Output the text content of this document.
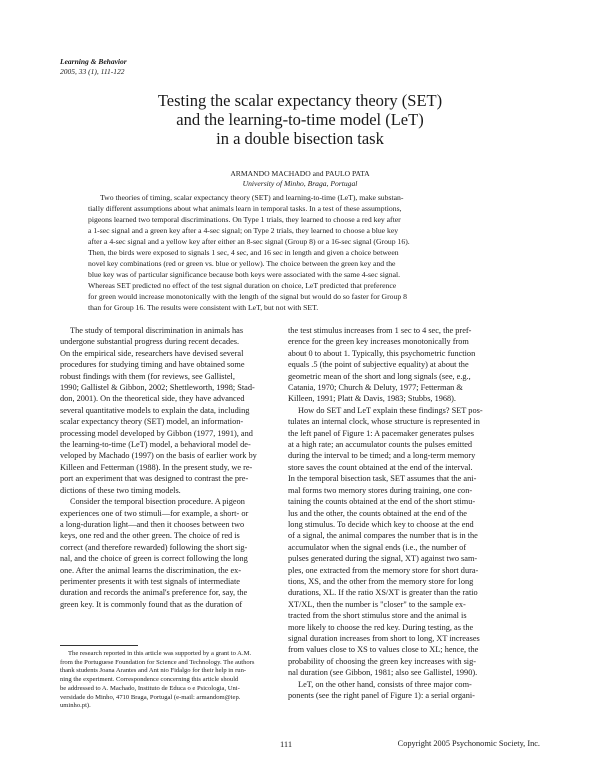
Learning & Behavior
2005, 33 (1), 111-122
Testing the scalar expectancy theory (SET)
and the learning-to-time model (LeT)
in a double bisection task
ARMANDO MACHADO and PAULO PATA
University of Minho, Braga, Portugal
Two theories of timing, scalar expectancy theory (SET) and learning-to-time (LeT), make substan-
tially different assumptions about what animals learn in temporal tasks. In a test of these assumptions,
pigeons learned two temporal discriminations. On Type 1 trials, they learned to choose a red key after
a 1-sec signal and a green key after a 4-sec signal; on Type 2 trials, they learned to choose a blue key
after a 4-sec signal and a yellow key after either an 8-sec signal (Group 8) or a 16-sec signal (Group 16).
Then, the birds were exposed to signals 1 sec, 4 sec, and 16 sec in length and given a choice between
novel key combinations (red or green vs. blue or yellow). The choice between the green key and the
blue key was of particular significance because both keys were associated with the same 4-sec signal.
Whereas SET predicted no effect of the test signal duration on choice, LeT predicted that preference
for green would increase monotonically with the length of the signal but would do so faster for Group 8
than for Group 16. The results were consistent with LeT, but not with SET.
The study of temporal discrimination in animals has
undergone substantial progress during recent decades.
On the empirical side, researchers have devised several
procedures for studying timing and have obtained some
robust findings with them (for reviews, see Gallistel,
1990; Gallistel & Gibbon, 2002; Shettleworth, 1998; Stad-
don, 2001). On the theoretical side, they have advanced
several quantitative models to explain the data, including
scalar expectancy theory (SET) model, an information-
processing model developed by Gibbon (1977, 1991), and
the learning-to-time (LeT) model, a behavioral model de-
veloped by Machado (1997) on the basis of earlier work by
Killeen and Fetterman (1988). In the present study, we re-
port an experiment that was designed to contrast the pre-
dictions of these two timing models.
Consider the temporal bisection procedure. A pigeon
experiences one of two stimuli—for example, a short- or
a long-duration light—and then it chooses between two
keys, one red and the other green. The choice of red is
correct (and therefore rewarded) following the short sig-
nal, and the choice of green is correct following the long
one. After the animal learns the discrimination, the ex-
perimenter presents it with test signals of intermediate
duration and records the animal's preference for, say, the
green key. It is commonly found that as the duration of
The research reported in this article was supported by a grant to A.M.
from the Portuguese Foundation for Science and Technology. The authors
thank students Joana Arantes and Ant nio Fidalgo for their help in run-
ning the experiment. Correspondence concerning this article should
be addressed to A. Machado, Instituto de Educa o e Psicologia, Uni-
versidade do Minho, 4710 Braga, Portugal (e-mail: armandom@iep.
uminho.pt).
the test stimulus increases from 1 sec to 4 sec, the pref-
erence for the green key increases monotonically from
about 0 to about 1. Typically, this psychometric function
equals .5 (the point of subjective equality) at about the
geometric mean of the short and long signals (see, e.g.,
Catania, 1970; Church & Deluty, 1977; Fetterman &
Killeen, 1991; Platt & Davis, 1983; Stubbs, 1968).
How do SET and LeT explain these findings? SET pos-
tulates an internal clock, whose structure is represented in
the left panel of Figure 1: A pacemaker generates pulses
at a high rate; an accumulator counts the pulses emitted
during the interval to be timed; and a long-term memory
store saves the count obtained at the end of the interval.
In the temporal bisection task, SET assumes that the ani-
mal forms two memory stores during training, one con-
taining the counts obtained at the end of the short stimu-
lus and the other, the counts obtained at the end of the
long stimulus. To decide which key to choose at the end
of a signal, the animal compares the number that is in the
accumulator when the signal ends (i.e., the number of
pulses generated during the signal, XT) against two sam-
ples, one extracted from the memory store for short dura-
tions, XS, and the other from the memory store for long
durations, XL. If the ratio XS/XT is greater than the ratio
XT/XL, then the number is "closer" to the sample ex-
tracted from the short stimulus store and the animal is
more likely to choose the red key. During testing, as the
signal duration increases from short to long, XT increases
from values close to XS to values close to XL; hence, the
probability of choosing the green key increases with sig-
nal duration (see Gibbon, 1981; also see Gallistel, 1990).
LeT, on the other hand, consists of three major com-
ponents (see the right panel of Figure 1): a serial organi-
111	Copyright 2005 Psychonomic Society, Inc.
